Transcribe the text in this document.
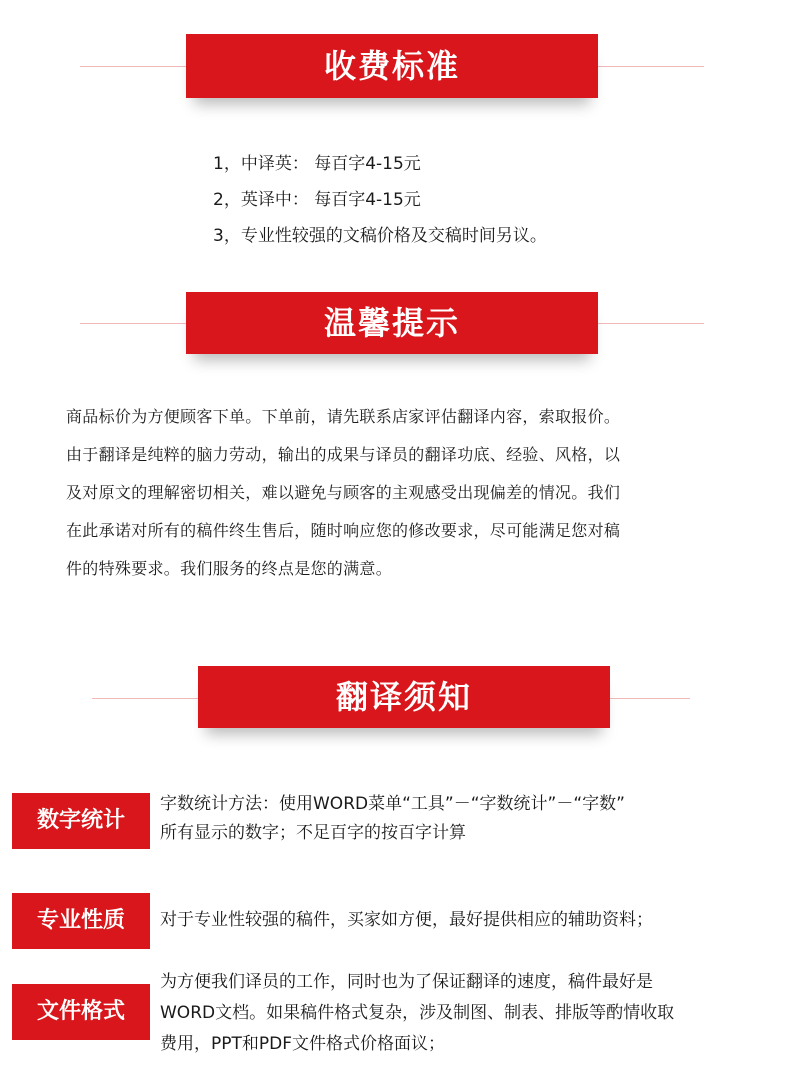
收费标准
1，中译英： 每百字4-15元
2，英译中： 每百字4-15元
3，专业性较强的文稿价格及交稿时间另议。
温馨提示
商品标价为方便顾客下单。下单前，请先联系店家评估翻译内容，索取报价。
由于翻译是纯粹的脑力劳动，输出的成果与译员的翻译功底、经验、风格，以
及对原文的理解密切相关，难以避免与顾客的主观感受出现偏差的情况。我们
在此承诺对所有的稿件终生售后，随时响应您的修改要求，尽可能满足您对稿
件的特殊要求。我们服务的终点是您的满意。
翻译须知
数字统计
字数统计方法：使用WORD菜单“工具”－“字数统计”－“字数”
所有显示的数字；不足百字的按百字计算
专业性质	对于专业性较强的稿件，买家如方便，最好提供相应的辅助资料；
文件格式
为方便我们译员的工作，同时也为了保证翻译的速度，稿件最好是
WORD文档。如果稿件格式复杂，涉及制图、制表、排版等酌情收取
费用，PPT和PDF文件格式价格面议；
